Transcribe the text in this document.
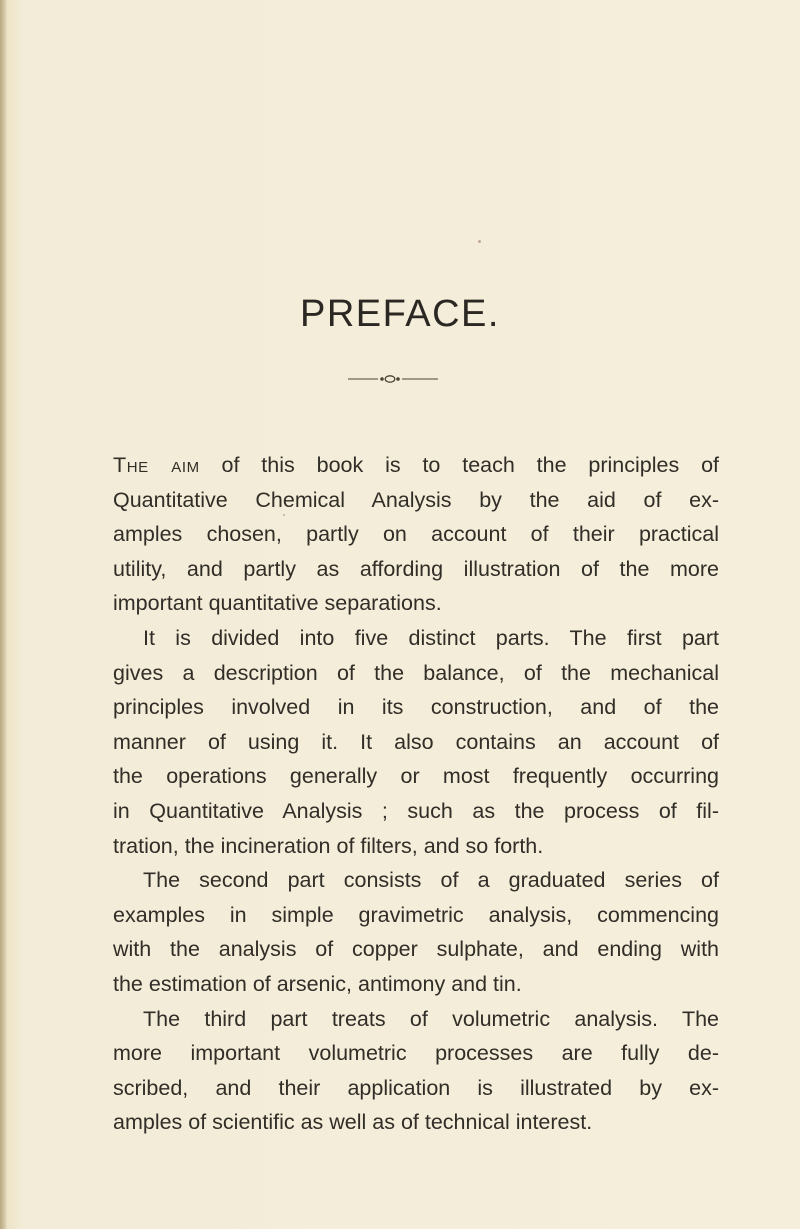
PREFACE.
The aim of this book is to teach the principles of
Quantitative Chemical Analysis by the aid of ex-
amples chosen, partly on account of their practical
utility, and partly as affording illustration of the more
important quantitative separations.
It is divided into five distinct parts. The first part
gives a description of the balance, of the mechanical
principles involved in its construction, and of the
manner of using it. It also contains an account of
the operations generally or most frequently occurring
in Quantitative Analysis ; such as the process of fil-
tration, the incineration of filters, and so forth.
The second part consists of a graduated series of
examples in simple gravimetric analysis, commencing
with the analysis of copper sulphate, and ending with
the estimation of arsenic, antimony and tin.
The third part treats of volumetric analysis. The
more important volumetric processes are fully de-
scribed, and their application is illustrated by ex-
amples of scientific as well as of technical interest.
